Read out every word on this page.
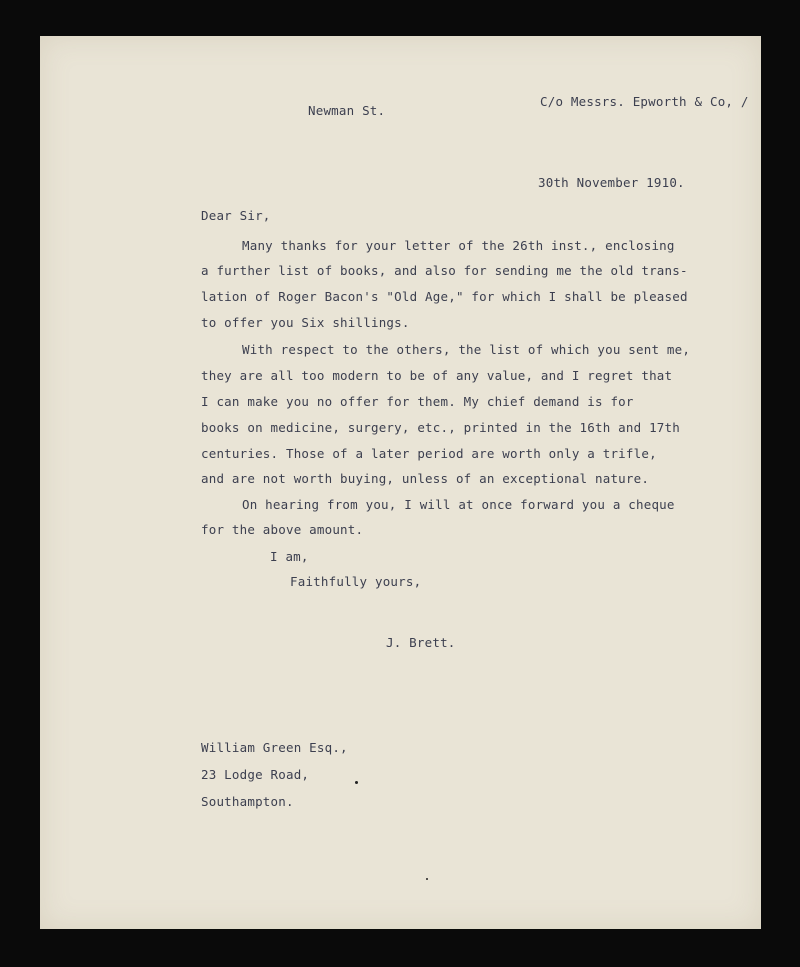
Newman St.
C/o Messrs. Epworth & Co, /
30th November 1910.
Dear Sir,
Many thanks for your letter of the 26th inst., enclosing
a further list of books, and also for sending me the old trans-
lation of Roger Bacon's "Old Age," for which I shall be pleased
to offer you Six shillings.
With respect to the others, the list of which you sent me,
they are all too modern to be of any value, and I regret that
I can make you no offer for them. My chief demand is for
books on medicine, surgery, etc., printed in the 16th and 17th
centuries. Those of a later period are worth only a trifle,
and are not worth buying, unless of an exceptional nature.
On hearing from you, I will at once forward you a cheque
for the above amount.
I am,
Faithfully yours,
J. Brett.
William Green Esq.,
23 Lodge Road,
Southampton.
